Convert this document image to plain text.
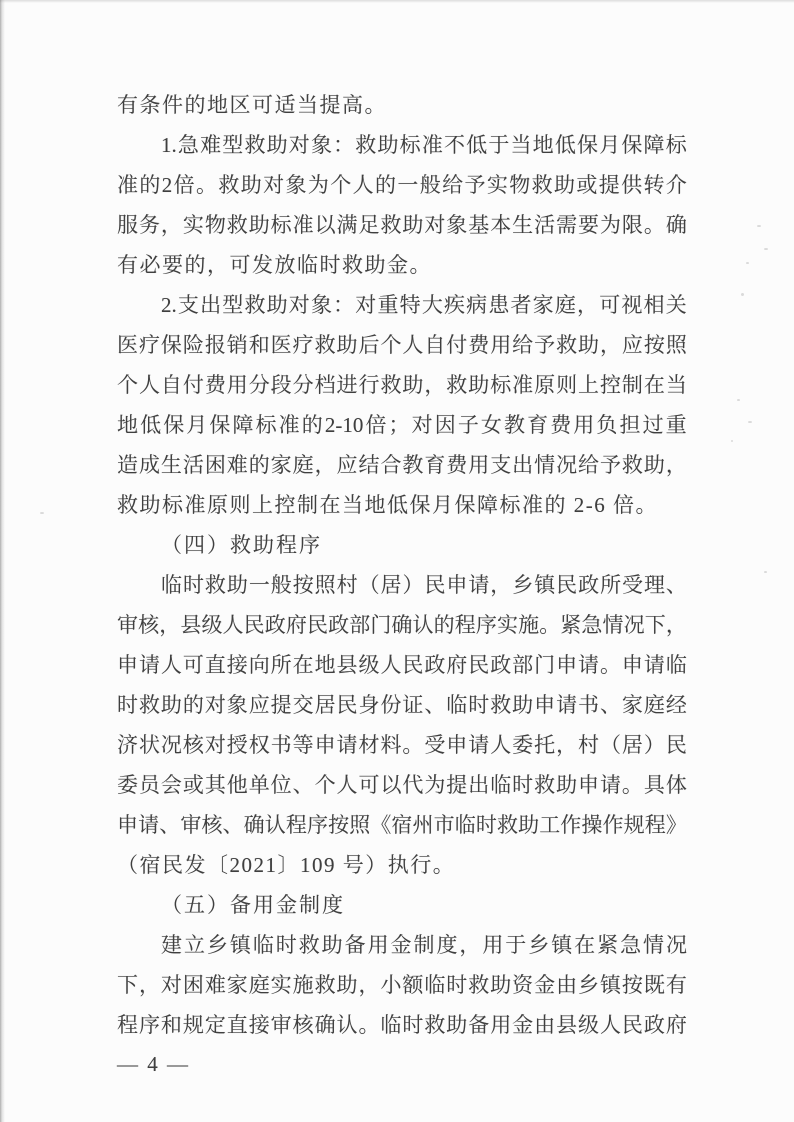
有条件的地区可适当提高。
1. 急 难 型 救 助 对 象 ： 救 助 标 准 不 低 于 当 地 低 保 月 保 障 标
准 的 2 倍 。 救 助 对 象 为 个 人 的 一 般 给 予 实 物 救 助 或 提 供 转 介
服 务 ， 实 物 救 助 标 准 以 满 足 救 助 对 象 基 本 生 活 需 要 为 限 。 确
有必要的，可发放临时救助金。
2. 支 出 型 救 助 对 象 ： 对 重 特 大 疾 病 患 者 家 庭 ， 可 视 相 关
医 疗 保 险 报 销 和 医 疗 救 助 后 个 人 自 付 费 用 给 予 救 助 ， 应 按 照
个 人 自 付 费 用 分 段 分 档 进 行 救 助 ， 救 助 标 准 原 则 上 控 制 在 当
地 低 保 月 保 障 标 准 的 2-10 倍 ； 对 因 子 女 教 育 费 用 负 担 过 重
造 成 生 活 困 难 的 家 庭 ， 应 结 合 教 育 费 用 支 出 情 况 给 予 救 助 ，
救助标准原则上控制在当地低保月保障标准的 2-6 倍。
（四）救助程序
临 时 救 助 一 般 按 照 村 （ 居 ） 民 申 请 ， 乡 镇 民 政 所 受 理 、
审 核 ， 县 级 人 民 政 府 民 政 部 门 确 认 的 程 序 实 施 。 紧 急 情 况 下 ，
申 请 人 可 直 接 向 所 在 地 县 级 人 民 政 府 民 政 部 门 申 请 。 申 请 临
时 救 助 的 对 象 应 提 交 居 民 身 份 证 、 临 时 救 助 申 请 书 、 家 庭 经
济 状 况 核 对 授 权 书 等 申 请 材 料 。 受 申 请 人 委 托 ， 村 （ 居 ） 民
委 员 会 或 其 他 单 位 、 个 人 可 以 代 为 提 出 临 时 救 助 申 请 。 具 体
申 请 、 审 核 、 确 认 程 序 按 照 《 宿 州 市 临 时 救 助 工 作 操 作 规 程 》
（宿民发〔2021〕109 号）执行。
（五）备用金制度
建 立 乡 镇 临 时 救 助 备 用 金 制 度 ， 用 于 乡 镇 在 紧 急 情 况
下 ， 对 困 难 家 庭 实 施 救 助 ， 小 额 临 时 救 助 资 金 由 乡 镇 按 既 有
程 序 和 规 定 直 接 审 核 确 认 。 临 时 救 助 备 用 金 由 县 级 人 民 政 府
— 4 —
